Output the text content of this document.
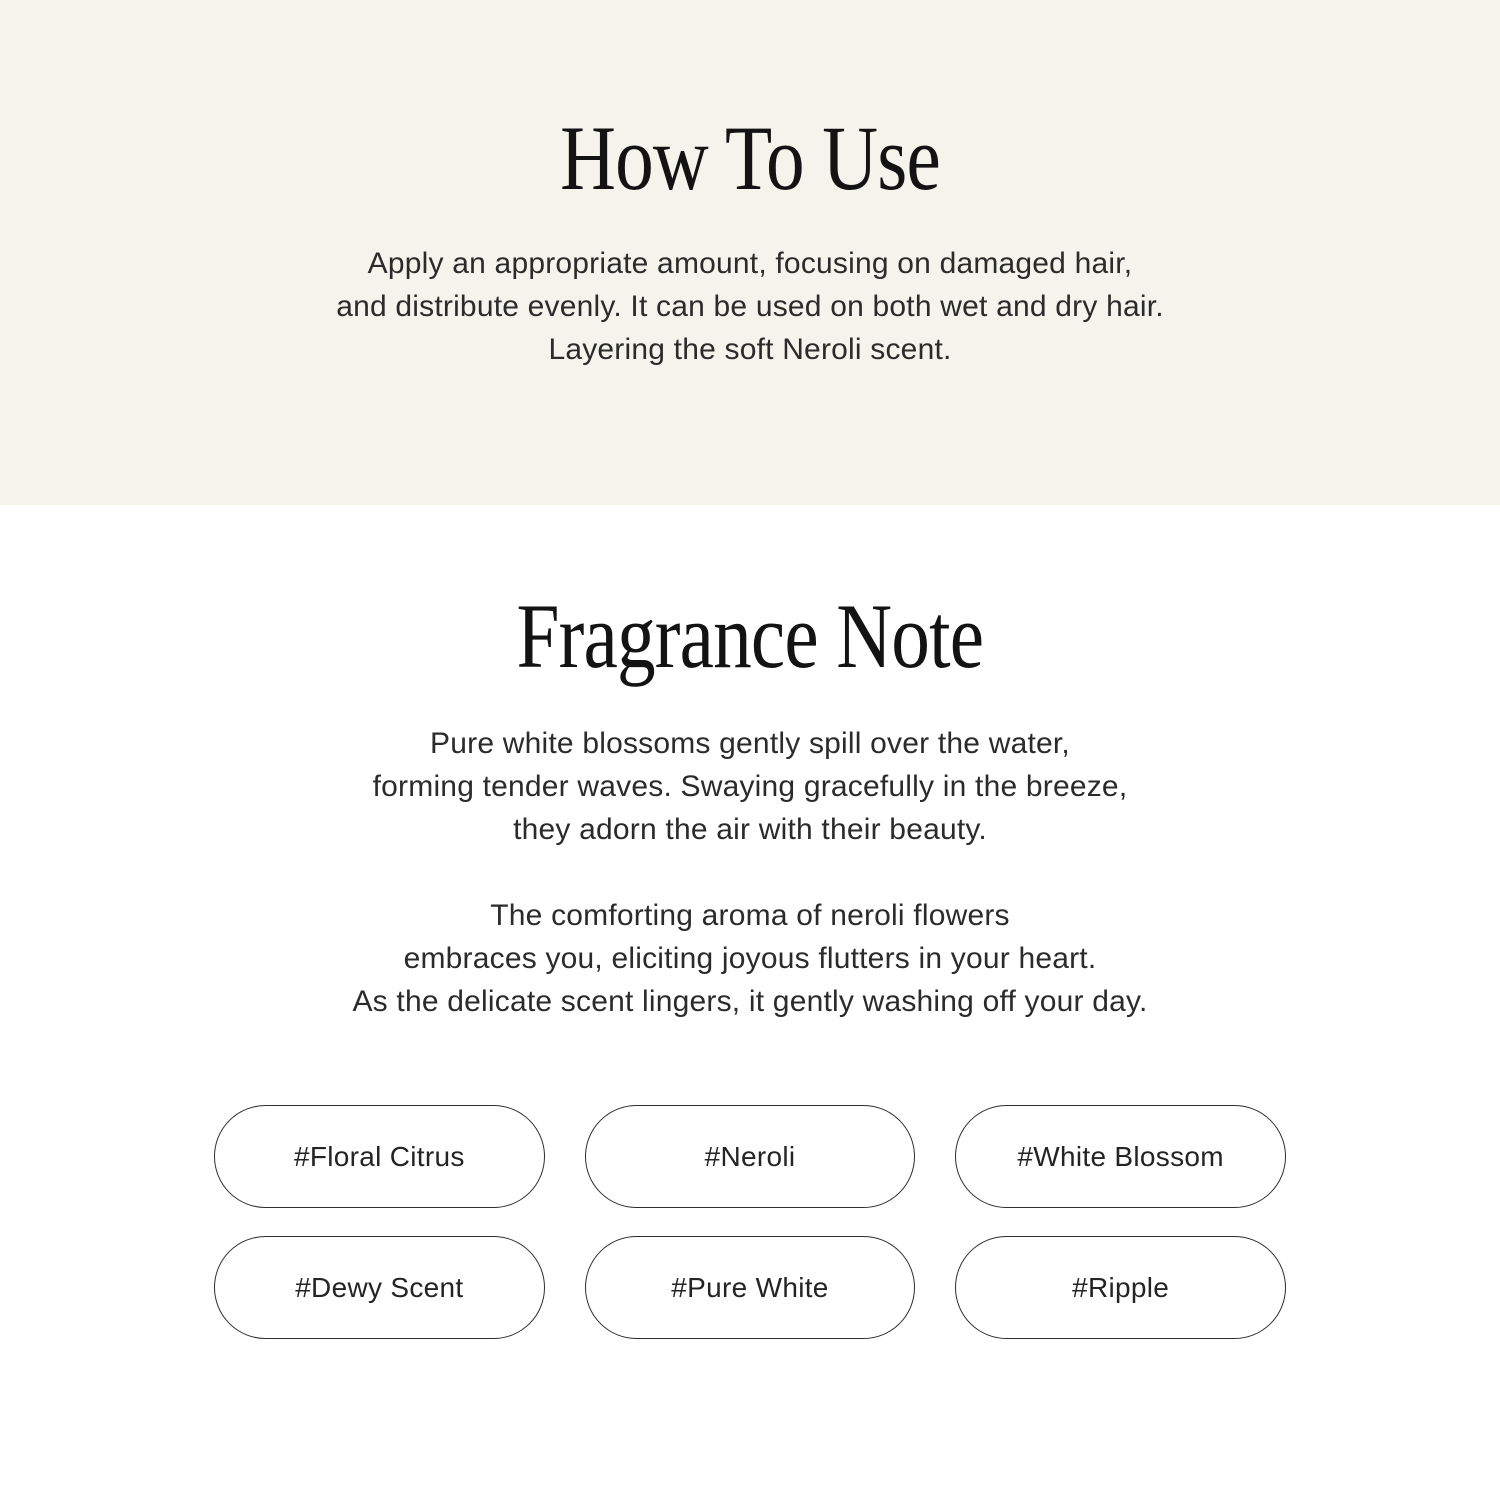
How To Use
Apply an appropriate amount, focusing on damaged hair,
and distribute evenly. It can be used on both wet and dry hair.
Layering the soft Neroli scent.
Fragrance Note
Pure white blossoms gently spill over the water,
forming tender waves. Swaying gracefully in the breeze,
they adorn the air with their beauty.
The comforting aroma of neroli flowers
embraces you, eliciting joyous flutters in your heart.
As the delicate scent lingers, it gently washing off your day.
#Floral Citrus	#Neroli	#White Blossom
#Dewy Scent	#Pure White	#Ripple
